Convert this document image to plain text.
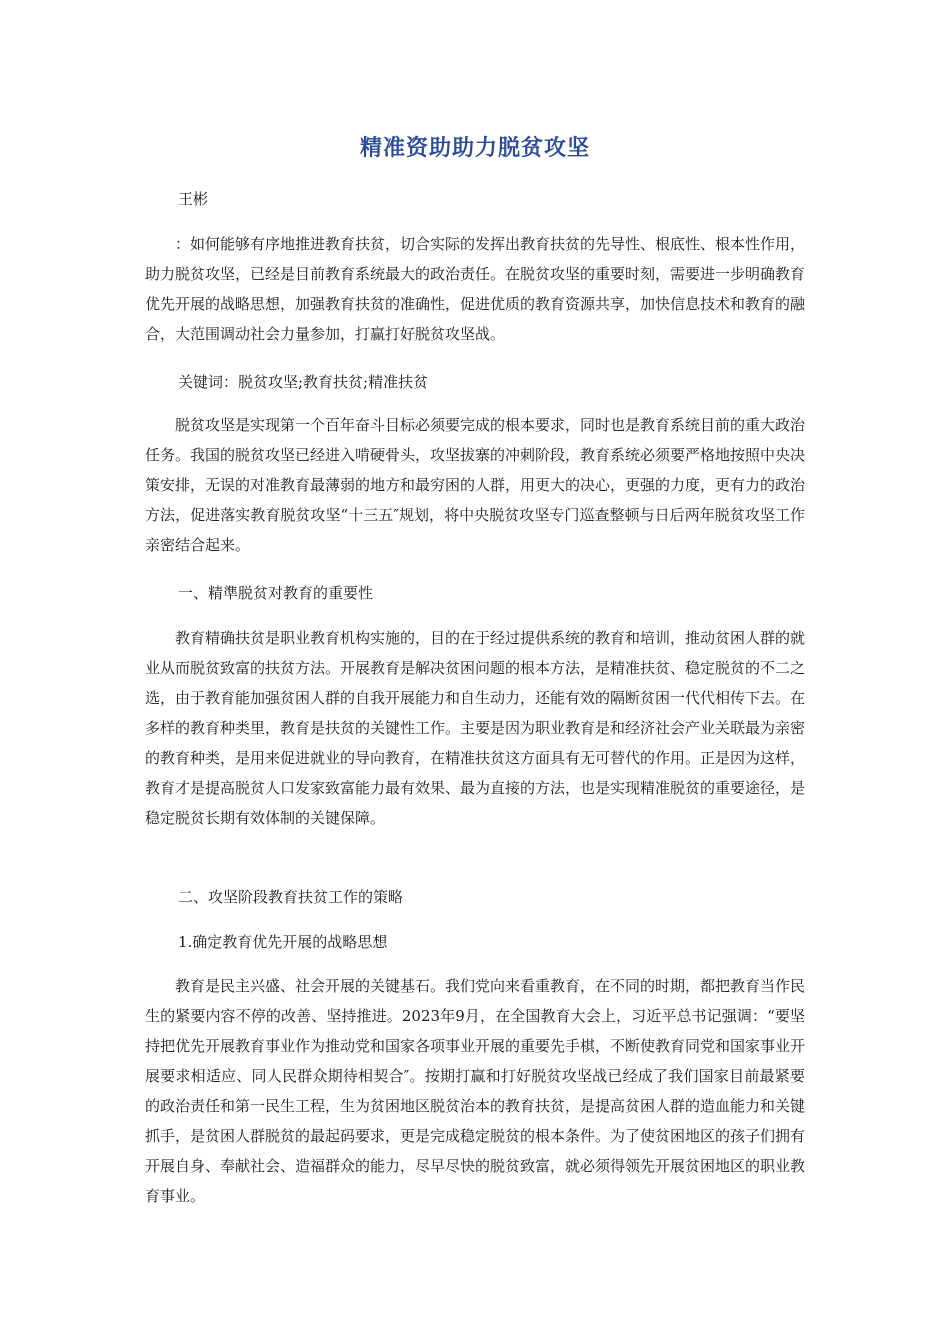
精准资助助力脱贫攻坚
王彬
：如何能够有序地推进教育扶贫，切合实际的发挥出教育扶贫的先导性、根底性、根本性作用，助力脱贫攻坚，已经是目前教育系统最大的政治责任。在脱贫攻坚的重要时刻，需要进一步明确教育优先开展的战略思想，加强教育扶贫的准确性，促进优质的教育资源共享，加快信息技术和教育的融合，大范围调动社会力量参加，打赢打好脱贫攻坚战。
关键词：脱贫攻坚;教育扶贫;精准扶贫
脱贫攻坚是实现第一个百年奋斗目标必须要完成的根本要求，同时也是教育系统目前的重大政治任务。我国的脱贫攻坚已经进入啃硬骨头，攻坚拔寨的冲刺阶段，教育系统必须要严格地按照中央决策安排，无误的对准教育最薄弱的地方和最穷困的人群，用更大的决心，更强的力度，更有力的政治方法，促进落实教育脱贫攻坚“十三五″规划，将中央脱贫攻坚专门巡查整顿与日后两年脱贫攻坚工作亲密结合起来。
一、精準脱贫对教育的重要性
教育精确扶贫是职业教育机构实施的，目的在于经过提供系统的教育和培训，推动贫困人群的就业从而脱贫致富的扶贫方法。开展教育是解决贫困问题的根本方法，是精准扶贫、稳定脱贫的不二之选，由于教育能加强贫困人群的自我开展能力和自生动力，还能有效的隔断贫困一代代相传下去。在多样的教育种类里，教育是扶贫的关键性工作。主要是因为职业教育是和经济社会产业关联最为亲密的教育种类，是用来促进就业的导向教育，在精准扶贫这方面具有无可替代的作用。正是因为这样，教育才是提高脱贫人口发家致富能力最有效果、最为直接的方法，也是实现精准脱贫的重要途径，是稳定脱贫长期有效体制的关键保障。
二、攻坚阶段教育扶贫工作的策略
1.确定教育优先开展的战略思想
教育是民主兴盛、社会开展的关键基石。我们党向来看重教育，在不同的时期，都把教育当作民生的紧要内容不停的改善、坚持推进。2023年9月，在全国教育大会上，习近平总书记强调：“要坚持把优先开展教育事业作为推动党和国家各项事业开展的重要先手棋，不断使教育同党和国家事业开展要求相适应、同人民群众期待相契合″。按期打赢和打好脱贫攻坚战已经成了我们国家目前最紧要的政治责任和第一民生工程，生为贫困地区脱贫治本的教育扶贫，是提高贫困人群的造血能力和关键抓手，是贫困人群脱贫的最起码要求，更是完成稳定脱贫的根本条件。为了使贫困地区的孩子们拥有开展自身、奉献社会、造福群众的能力，尽早尽快的脱贫致富，就必须得领先开展贫困地区的职业教育事业。
